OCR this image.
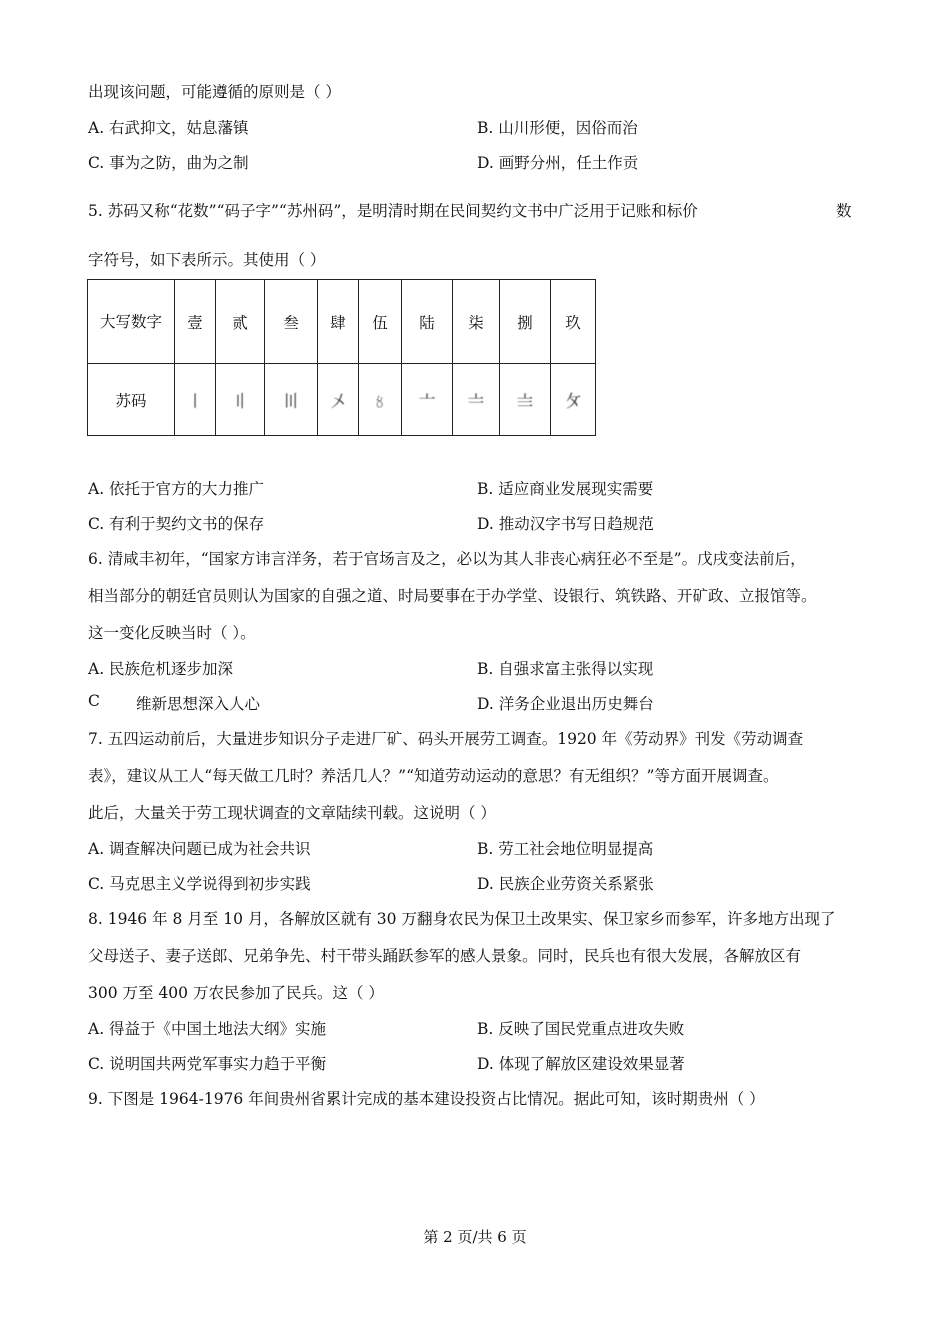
出现该问题，可能遵循的原则是（ ）
A. 右武抑文，姑息藩镇	B. 山川形便，因俗而治
C. 事为之防，曲为之制	D. 画野分州，任土作贡
5. 苏码又称“花数”“码子字”“苏州码”，是明清时期在民间契约文书中广泛用于记账和标价	数
字符号，如下表所示。其使用（ ）
大写数字	壹	贰	叁	肆	伍	陆	柒	捌	玖
苏码	〡	〢	〣	〤	〥	〦	〧	〨	〩
A. 依托于官方的大力推广	B. 适应商业发展现实需要
C. 有利于契约文书的保存	D. 推动汉字书写日趋规范
6. 清咸丰初年，“国家方讳言洋务，若于官场言及之，必以为其人非丧心病狂必不至是”。戊戌变法前后，
相当部分的朝廷官员则认为国家的自强之道、时局要事在于办学堂、设银行、筑铁路、开矿政、立报馆等。
这一变化反映当时（ ）。
A. 民族危机逐步加深	B. 自强求富主张得以实现
C 维新思想深入人心	D. 洋务企业退出历史舞台
7. 五四运动前后，大量进步知识分子走进厂矿、码头开展劳工调查。1920 年《劳动界》刊发《劳动调查
表》，建议从工人“每天做工几时？养活几人？”“知道劳动运动的意思？有无组织？”等方面开展调查。
此后，大量关于劳工现状调查的文章陆续刊载。这说明（ ）
A. 调查解决问题已成为社会共识	B. 劳工社会地位明显提高
C. 马克思主义学说得到初步实践	D. 民族企业劳资关系紧张
8. 1946 年 8 月至 10 月，各解放区就有 30 万翻身农民为保卫土改果实、保卫家乡而参军，许多地方出现了
父母送子、妻子送郎、兄弟争先、村干带头踊跃参军的感人景象。同时，民兵也有很大发展，各解放区有
300 万至 400 万农民参加了民兵。这（ ）
A. 得益于《中国土地法大纲》实施	B. 反映了国民党重点进攻失败
C. 说明国共两党军事实力趋于平衡	D. 体现了解放区建设效果显著
9. 下图是 1964-1976 年间贵州省累计完成的基本建设投资占比情况。据此可知，该时期贵州（ ）
第 2 页/共 6 页
